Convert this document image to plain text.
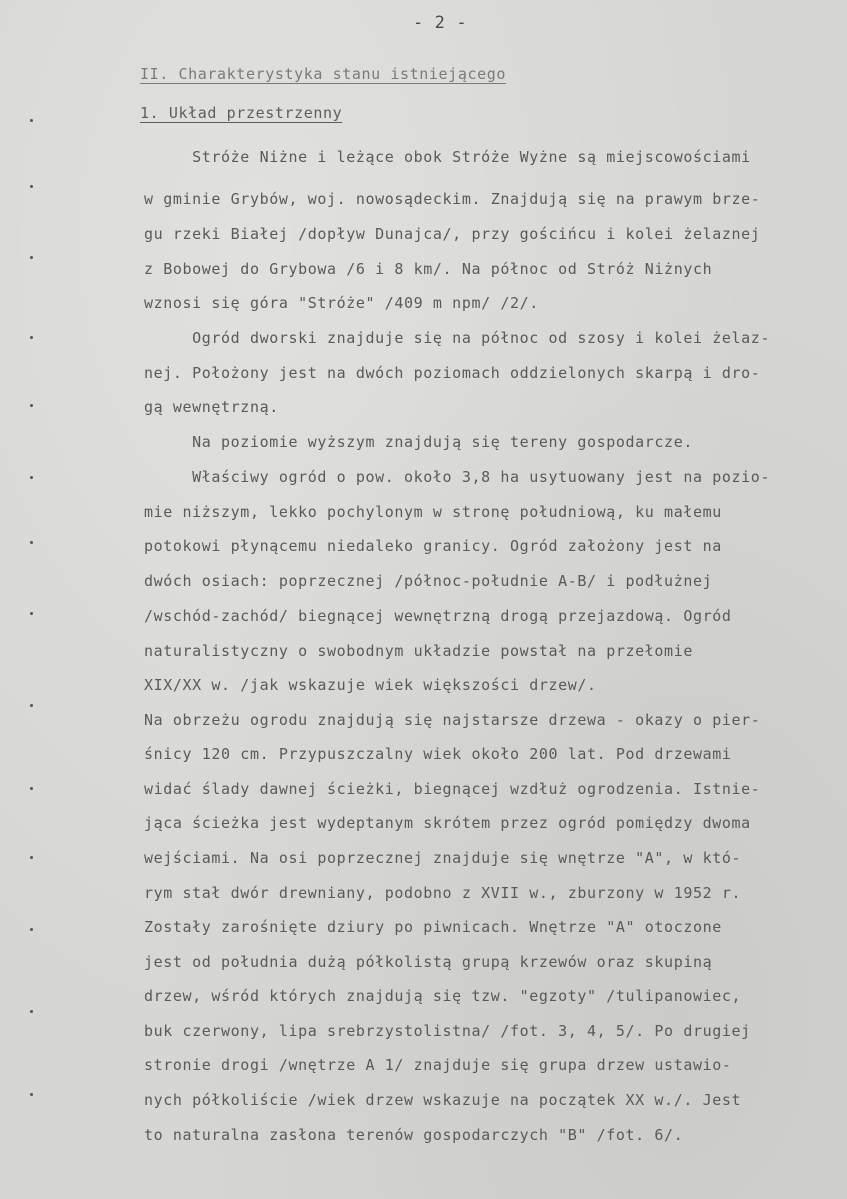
- 2 -
II. Charakterystyka stanu istniejącego
1. Układ przestrzenny
Stróże Niżne i leżące obok Stróże Wyżne są miejscowościami
w gminie Grybów, woj. nowosądeckim. Znajdują się na prawym brze-
gu rzeki Białej /dopływ Dunajca/, przy gościńcu i kolei żelaznej
z Bobowej do Grybowa /6 i 8 km/. Na północ od Stróż Niżnych
wznosi się góra "Stróże" /409 m npm/ /2/.
Ogród dworski znajduje się na północ od szosy i kolei żelaz-
nej. Położony jest na dwóch poziomach oddzielonych skarpą i dro-
gą wewnętrzną.
Na poziomie wyższym znajdują się tereny gospodarcze.
Właściwy ogród o pow. około 3,8 ha usytuowany jest na pozio-
mie niższym, lekko pochylonym w stronę południową, ku małemu
potokowi płynącemu niedaleko granicy. Ogród założony jest na
dwóch osiach: poprzecznej /północ-południe A-B/ i podłużnej
/wschód-zachód/ biegnącej wewnętrzną drogą przejazdową. Ogród
naturalistyczny o swobodnym układzie powstał na przełomie
XIX/XX w. /jak wskazuje wiek większości drzew/.
Na obrzeżu ogrodu znajdują się najstarsze drzewa - okazy o pier-
śnicy 120 cm. Przypuszczalny wiek około 200 lat. Pod drzewami
widać ślady dawnej ścieżki, biegnącej wzdłuż ogrodzenia. Istnie-
jąca ścieżka jest wydeptanym skrótem przez ogród pomiędzy dwoma
wejściami. Na osi poprzecznej znajduje się wnętrze "A", w któ-
rym stał dwór drewniany, podobno z XVII w., zburzony w 1952 r.
Zostały zarośnięte dziury po piwnicach. Wnętrze "A" otoczone
jest od południa dużą półkolistą grupą krzewów oraz skupiną
drzew, wśród których znajdują się tzw. "egzoty" /tulipanowiec,
buk czerwony, lipa srebrzystolistna/ /fot. 3, 4, 5/. Po drugiej
stronie drogi /wnętrze A 1/ znajduje się grupa drzew ustawio-
nych półkoliście /wiek drzew wskazuje na początek XX w./. Jest
to naturalna zasłona terenów gospodarczych "B" /fot. 6/.
